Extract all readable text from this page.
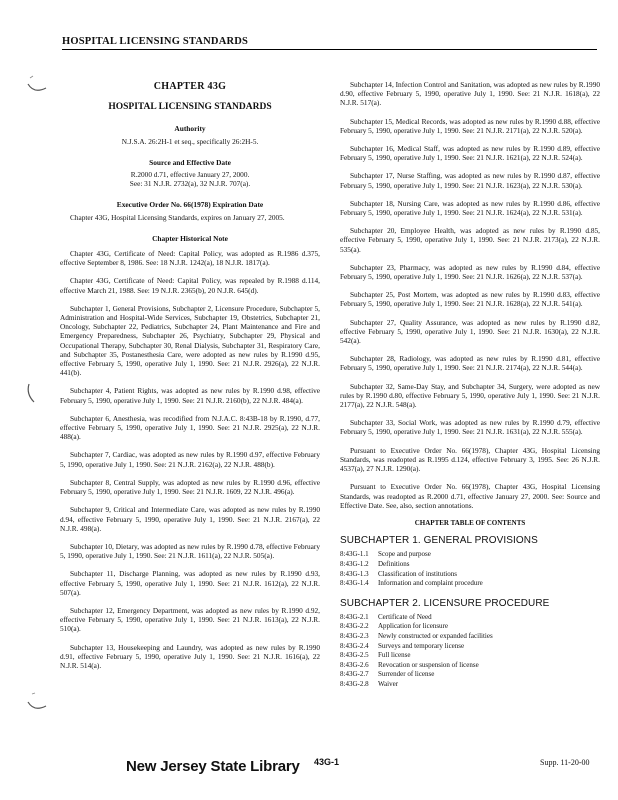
HOSPITAL LICENSING STANDARDS
CHAPTER 43G
HOSPITAL LICENSING STANDARDS
Authority
N.J.S.A. 26:2H-1 et seq., specifically 26:2H-5.
Source and Effective Date
R.2000 d.71, effective January 27, 2000.
See: 31 N.J.R. 2732(a), 32 N.J.R. 707(a).
Executive Order No. 66(1978) Expiration Date

Chapter 43G, Hospital Licensing Standards, expires on January 27, 2005.

Chapter Historical Note

Chapter 43G, Certificate of Need: Capital Policy, was adopted as R.1986 d.375, effective September 8, 1986. See: 18 N.J.R. 1242(a), 18 N.J.R. 1817(a).

Chapter 43G, Certificate of Need: Capital Policy, was repealed by R.1988 d.114, effective March 21, 1988. See: 19 N.J.R. 2365(b), 20 N.J.R. 645(d).

Subchapter 1, General Provisions, Subchapter 2, Licensure Procedure, Subchapter 5, Administration and Hospital-Wide Services, Subchapter 19, Obstetrics, Subchapter 21, Oncology, Subchapter 22, Pediatrics, Subchapter 24, Plant Maintenance and Fire and Emergency Preparedness, Subchapter 26, Psychiatry, Subchapter 29, Physical and Occupational Therapy, Subchapter 30, Renal Dialysis, Subchapter 31, Respiratory Care, and Subchapter 35, Postanesthesia Care, were adopted as new rules by R.1990 d.95, effective February 5, 1990, operative July 1, 1990. See: 21 N.J.R. 2926(a), 22 N.J.R. 441(b).

Subchapter 4, Patient Rights, was adopted as new rules by R.1990 d.98, effective February 5, 1990, operative July 1, 1990. See: 21 N.J.R. 2160(b), 22 N.J.R. 484(a).

Subchapter 6, Anesthesia, was recodified from N.J.A.C. 8:43B-18 by R.1990, d.77, effective February 5, 1990, operative July 1, 1990. See: 21 N.J.R. 2925(a), 22 N.J.R. 488(a).

Subchapter 7, Cardiac, was adopted as new rules by R.1990 d.97, effective February 5, 1990, operative July 1, 1990. See: 21 N.J.R. 2162(a), 22 N.J.R. 488(b).

Subchapter 8, Central Supply, was adopted as new rules by R.1990 d.96, effective February 5, 1990, operative July 1, 1990. See: 21 N.J.R. 1609, 22 N.J.R. 496(a).

Subchapter 9, Critical and Intermediate Care, was adopted as new rules by R.1990 d.94, effective February 5, 1990, operative July 1, 1990. See: 21 N.J.R. 2167(a), 22 N.J.R. 498(a).

Subchapter 10, Dietary, was adopted as new rules by R.1990 d.78, effective February 5, 1990, operative July 1, 1990. See: 21 N.J.R. 1611(a), 22 N.J.R. 505(a).

Subchapter 11, Discharge Planning, was adopted as new rules by R.1990 d.93, effective February 5, 1990, operative July 1, 1990. See: 21 N.J.R. 1612(a), 22 N.J.R. 507(a).

Subchapter 12, Emergency Department, was adopted as new rules by R.1990 d.92, effective February 5, 1990, operative July 1, 1990. See: 21 N.J.R. 1613(a), 22 N.J.R. 510(a).

Subchapter 13, Housekeeping and Laundry, was adopted as new rules by R.1990 d.91, effective February 5, 1990, operative July 1, 1990. See: 21 N.J.R. 1616(a), 22 N.J.R. 514(a).

Subchapter 14, Infection Control and Sanitation, was adopted as new rules by R.1990 d.90, effective February 5, 1990, operative July 1, 1990. See: 21 N.J.R. 1618(a), 22 N.J.R. 517(a).

Subchapter 15, Medical Records, was adopted as new rules by R.1990 d.88, effective February 5, 1990, operative July 1, 1990. See: 21 N.J.R. 2171(a), 22 N.J.R. 520(a).

Subchapter 16, Medical Staff, was adopted as new rules by R.1990 d.89, effective February 5, 1990, operative July 1, 1990. See: 21 N.J.R. 1621(a), 22 N.J.R. 524(a).

Subchapter 17, Nurse Staffing, was adopted as new rules by R.1990 d.87, effective February 5, 1990, operative July 1, 1990. See: 21 N.J.R. 1623(a), 22 N.J.R. 530(a).

Subchapter 18, Nursing Care, was adopted as new rules by R.1990 d.86, effective February 5, 1990, operative July 1, 1990. See: 21 N.J.R. 1624(a), 22 N.J.R. 531(a).

Subchapter 20, Employee Health, was adopted as new rules by R.1990 d.85, effective February 5, 1990, operative July 1, 1990. See: 21 N.J.R. 2173(a), 22 N.J.R. 535(a).

Subchapter 23, Pharmacy, was adopted as new rules by R.1990 d.84, effective February 5, 1990, operative July 1, 1990. See: 21 N.J.R. 1626(a), 22 N.J.R. 537(a).

Subchapter 25, Post Mortem, was adopted as new rules by R.1990 d.83, effective February 5, 1990, operative July 1, 1990. See: 21 N.J.R. 1628(a), 22 N.J.R. 541(a).

Subchapter 27, Quality Assurance, was adopted as new rules by R.1990 d.82, effective February 5, 1990, operative July 1, 1990. See: 21 N.J.R. 1630(a), 22 N.J.R. 542(a).

Subchapter 28, Radiology, was adopted as new rules by R.1990 d.81, effective February 5, 1990, operative July 1, 1990. See: 21 N.J.R. 2174(a), 22 N.J.R. 544(a).

Subchapter 32, Same-Day Stay, and Subchapter 34, Surgery, were adopted as new rules by R.1990 d.80, effective February 5, 1990, operative July 1, 1990. See: 21 N.J.R. 2177(a), 22 N.J.R. 548(a).

Subchapter 33, Social Work, was adopted as new rules by R.1990 d.79, effective February 5, 1990, operative July 1, 1990. See: 21 N.J.R. 1631(a), 22 N.J.R. 555(a).

Pursuant to Executive Order No. 66(1978), Chapter 43G, Hospital Licensing Standards, was readopted as R.1995 d.124, effective February 3, 1995. See: 26 N.J.R. 4537(a), 27 N.J.R. 1290(a).

Pursuant to Executive Order No. 66(1978), Chapter 43G, Hospital Licensing Standards, was readopted as R.2000 d.71, effective January 27, 2000. See: Source and Effective Date. See, also, section annotations.

CHAPTER TABLE OF CONTENTS
SUBCHAPTER 1. GENERAL PROVISIONS
8:43G-1.1	Scope and purpose
8:43G-1.2	Definitions
8:43G-1.3	Classification of institutions
8:43G-1.4	Information and complaint procedure
SUBCHAPTER 2. LICENSURE PROCEDURE
8:43G-2.1	Certificate of Need
8:43G-2.2	Application for licensure
8:43G-2.3	Newly constructed or expanded facilities
8:43G-2.4	Surveys and temporary license
8:43G-2.5	Full license
8:43G-2.6	Revocation or suspension of license
8:43G-2.7	Surrender of license
8:43G-2.8	Waiver
New Jersey State Library 43G-1	Supp. 11-20-00
